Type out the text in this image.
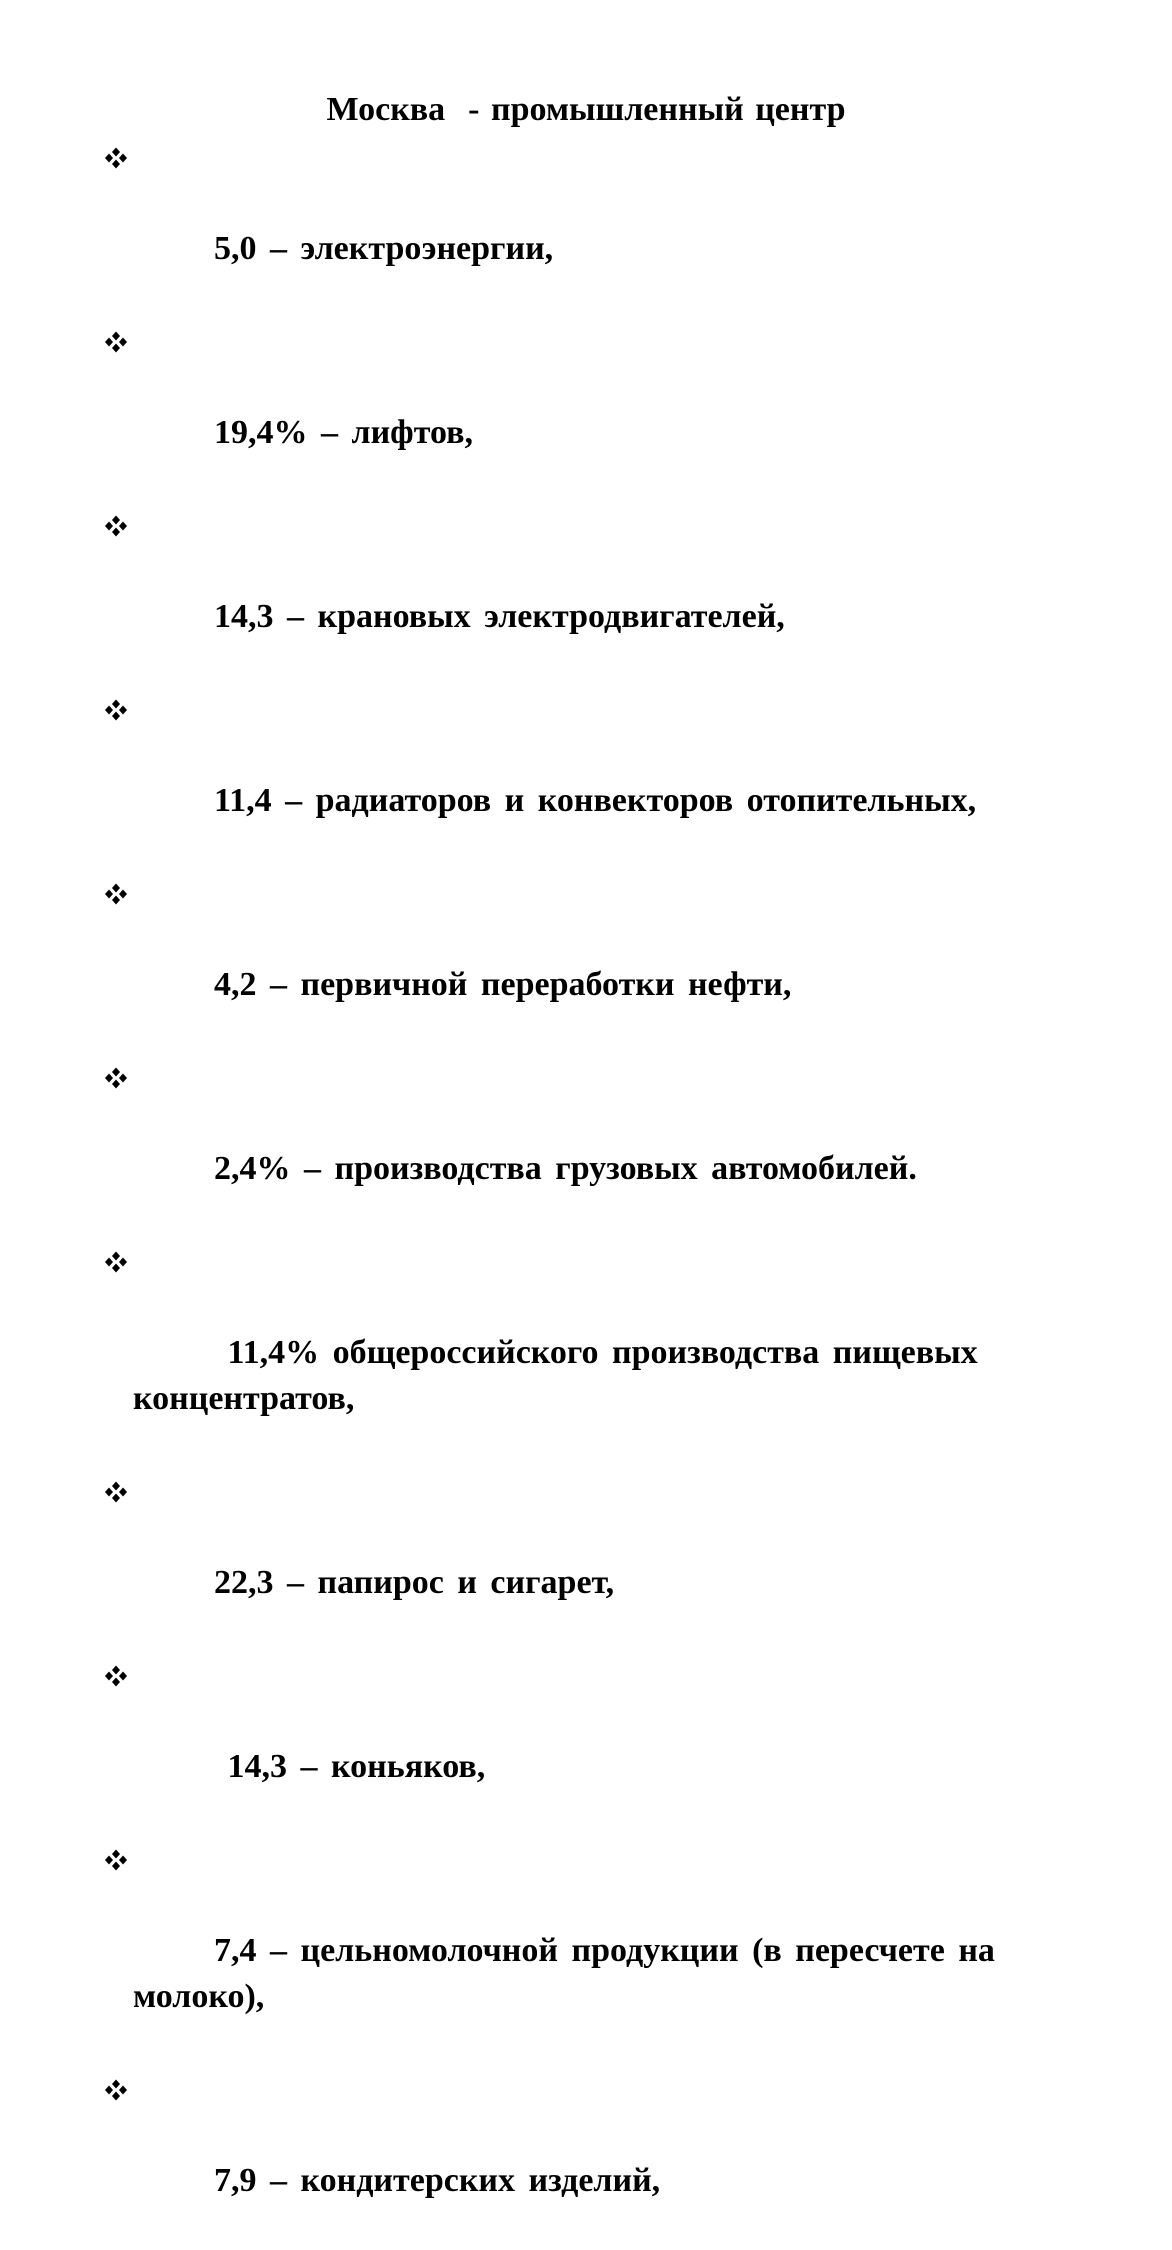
Москва  - промышленный центр

5,0 – электроэнергии,

19,4% – лифтов,

14,3 – крановых электродвигателей,

11,4 – радиаторов и конвекторов отопительных,

4,2 – первичной переработки нефти,

2,4% – производства грузовых автомобилей.

11,4% общероссийского производства пищевых концентратов,

22,3 – папирос и сигарет,

14,3 – коньяков,

7,4 – цельномолочной продукции (в пересчете на молоко),

7,9 – кондитерских изделий,
